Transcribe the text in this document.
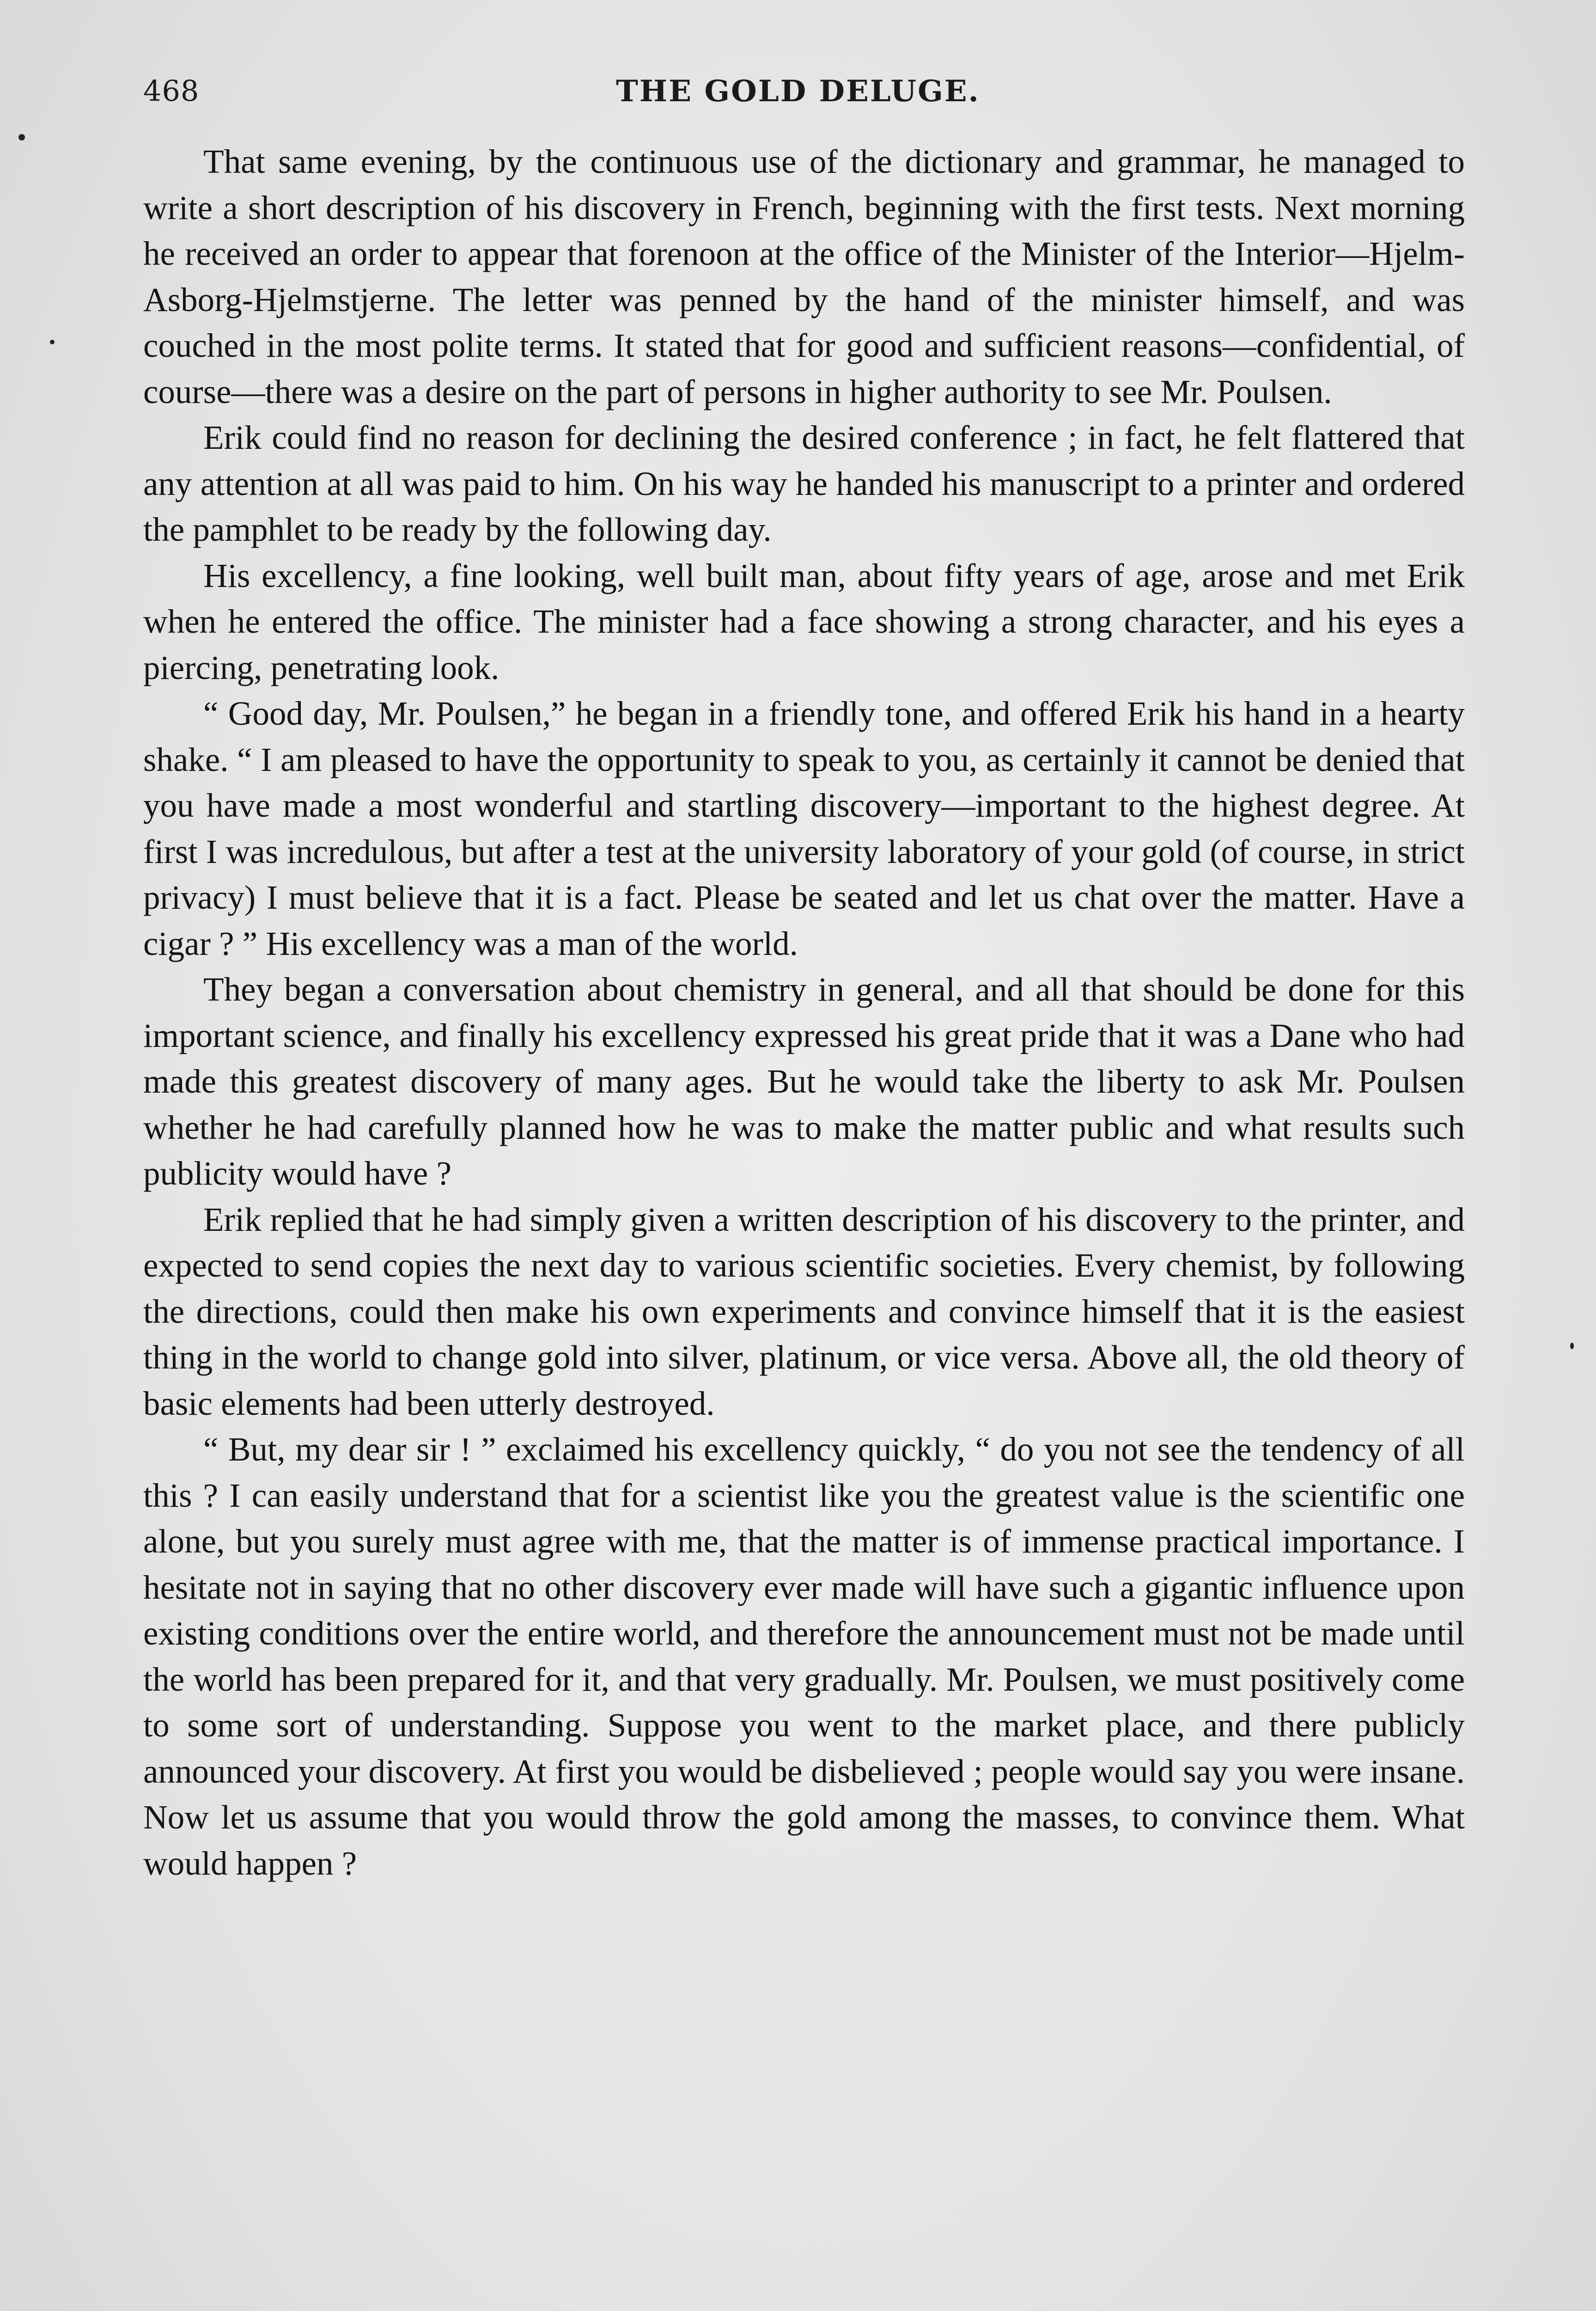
468	THE GOLD DELUGE.

That same evening, by the continuous use of the dictionary and grammar, he managed to write a short description of his discovery in French, beginning with the first tests. Next morning he received an order to appear that forenoon at the office of the Minister of the Interior—Hjelm-Asborg-Hjelmstjerne. The letter was penned by the hand of the minister himself, and was couched in the most polite terms. It stated that for good and sufficient reasons—confidential, of course—there was a desire on the part of persons in higher authority to see Mr. Poulsen.

Erik could find no reason for declining the desired conference ; in fact, he felt flattered that any attention at all was paid to him. On his way he handed his manuscript to a printer and ordered the pamphlet to be ready by the following day.

His excellency, a fine looking, well built man, about fifty years of age, arose and met Erik when he entered the office. The minister had a face showing a strong character, and his eyes a piercing, penetrating look.

“ Good day, Mr. Poulsen,” he began in a friendly tone, and offered Erik his hand in a hearty shake. “ I am pleased to have the opportunity to speak to you, as certainly it cannot be denied that you have made a most wonderful and startling discovery—important to the highest degree. At first I was incredulous, but after a test at the university laboratory of your gold (of course, in strict privacy) I must believe that it is a fact. Please be seated and let us chat over the matter. Have a cigar ? ” His excellency was a man of the world.

They began a conversation about chemistry in general, and all that should be done for this important science, and finally his excellency expressed his great pride that it was a Dane who had made this greatest discovery of many ages. But he would take the liberty to ask Mr. Poulsen whether he had carefully planned how he was to make the matter public and what results such publicity would have ?

Erik replied that he had simply given a written description of his discovery to the printer, and expected to send copies the next day to various scientific societies. Every chemist, by following the directions, could then make his own experiments and convince himself that it is the easiest thing in the world to change gold into silver, platinum, or vice versa. Above all, the old theory of basic elements had been utterly destroyed.

“ But, my dear sir ! ” exclaimed his excellency quickly, “ do you not see the tendency of all this ? I can easily understand that for a scientist like you the greatest value is the scientific one alone, but you surely must agree with me, that the matter is of immense practical importance. I hesitate not in saying that no other discovery ever made will have such a gigantic influence upon existing conditions over the entire world, and therefore the announcement must not be made until the world has been prepared for it, and that very gradually. Mr. Poulsen, we must positively come to some sort of understanding. Suppose you went to the market place, and there publicly announced your discovery. At first you would be disbelieved ; people would say you were insane. Now let us assume that you would throw the gold among the masses, to convince them. What would happen ?
